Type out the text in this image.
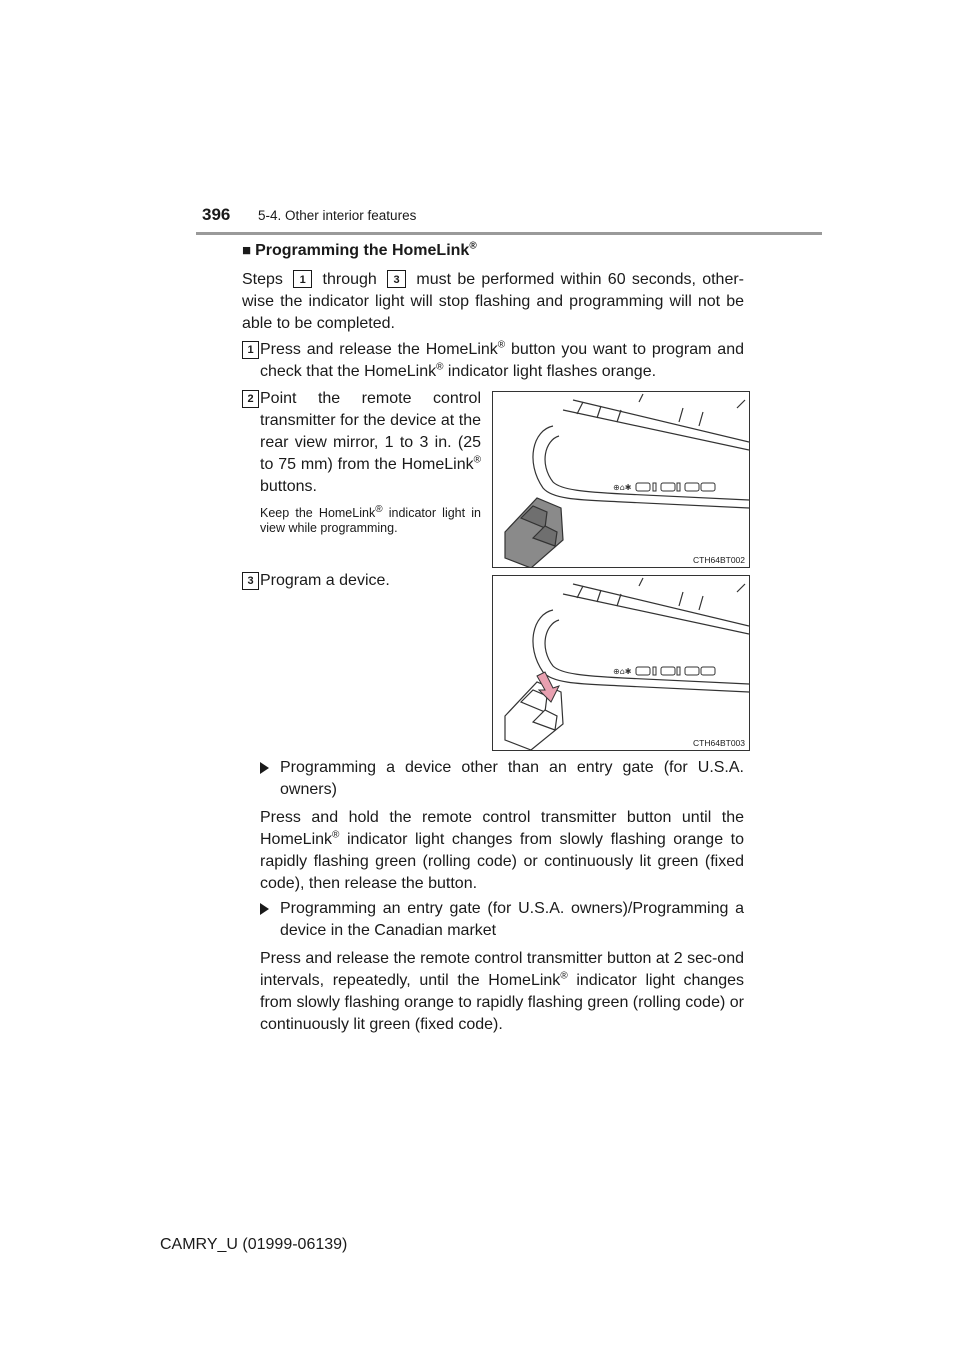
396 5-4. Other interior features
■ Programming the HomeLink®
Steps 1 through 3 must be performed within 60 seconds, other-wise the indicator light will stop flashing and programming will not be able to be completed.
1 Press and release the HomeLink® button you want to program and check that the HomeLink® indicator light flashes orange.
2 Point the remote control transmitter for the device at the rear view mirror, 1 to 3 in. (25 to 75 mm) from the HomeLink® buttons.
Keep the HomeLink® indicator light in view while programming.
⊕⌂✱
CTH64BT002
3 Program a device.
⊕⌂✱
CTH64BT003
Programming a device other than an entry gate (for U.S.A. owners)
Press and hold the remote control transmitter button until the HomeLink® indicator light changes from slowly flashing orange to rapidly flashing green (rolling code) or continuously lit green (fixed code), then release the button.
Programming an entry gate (for U.S.A. owners)/Programming a device in the Canadian market
Press and release the remote control transmitter button at 2 sec-ond intervals, repeatedly, until the HomeLink® indicator light changes from slowly flashing orange to rapidly flashing green (rolling code) or continuously lit green (fixed code).
CAMRY_U (01999-06139)
